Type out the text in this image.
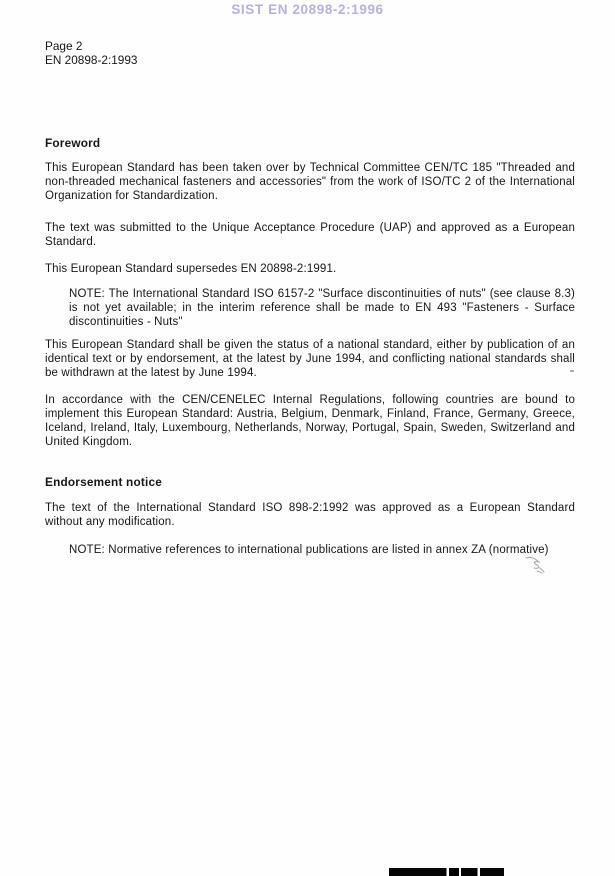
SIST EN 20898-2:1996
Page 2
EN 20898-2:1993
Foreword
This European Standard has been taken over by Technical Committee CEN/TC 185 "Threaded and non-threaded mechanical fasteners and accessories" from the work of ISO/TC 2 of the International Organization for Standardization.
The text was submitted to the Unique Acceptance Procedure (UAP) and approved as a European Standard.
This European Standard supersedes EN 20898-2:1991.
NOTE: The International Standard ISO 6157-2 "Surface discontinuities of nuts" (see clause 8.3) is not yet available; in the interim reference shall be made to EN 493 "Fasteners - Surface discontinuities - Nuts"
This European Standard shall be given the status of a national standard, either by publication of an identical text or by endorsement, at the latest by June 1994, and conflicting national standards shall be withdrawn at the latest by June 1994.
In accordance with the CEN/CENELEC Internal Regulations, following countries are bound to implement this European Standard: Austria, Belgium, Denmark, Finland, France, Germany, Greece, Iceland, Ireland, Italy, Luxembourg, Netherlands, Norway, Portugal, Spain, Sweden, Switzerland and United Kingdom.
Endorsement notice
The text of the International Standard ISO 898-2:1992 was approved as a European Standard without any modification.
NOTE: Normative references to international publications are listed in annex ZA (normative)
